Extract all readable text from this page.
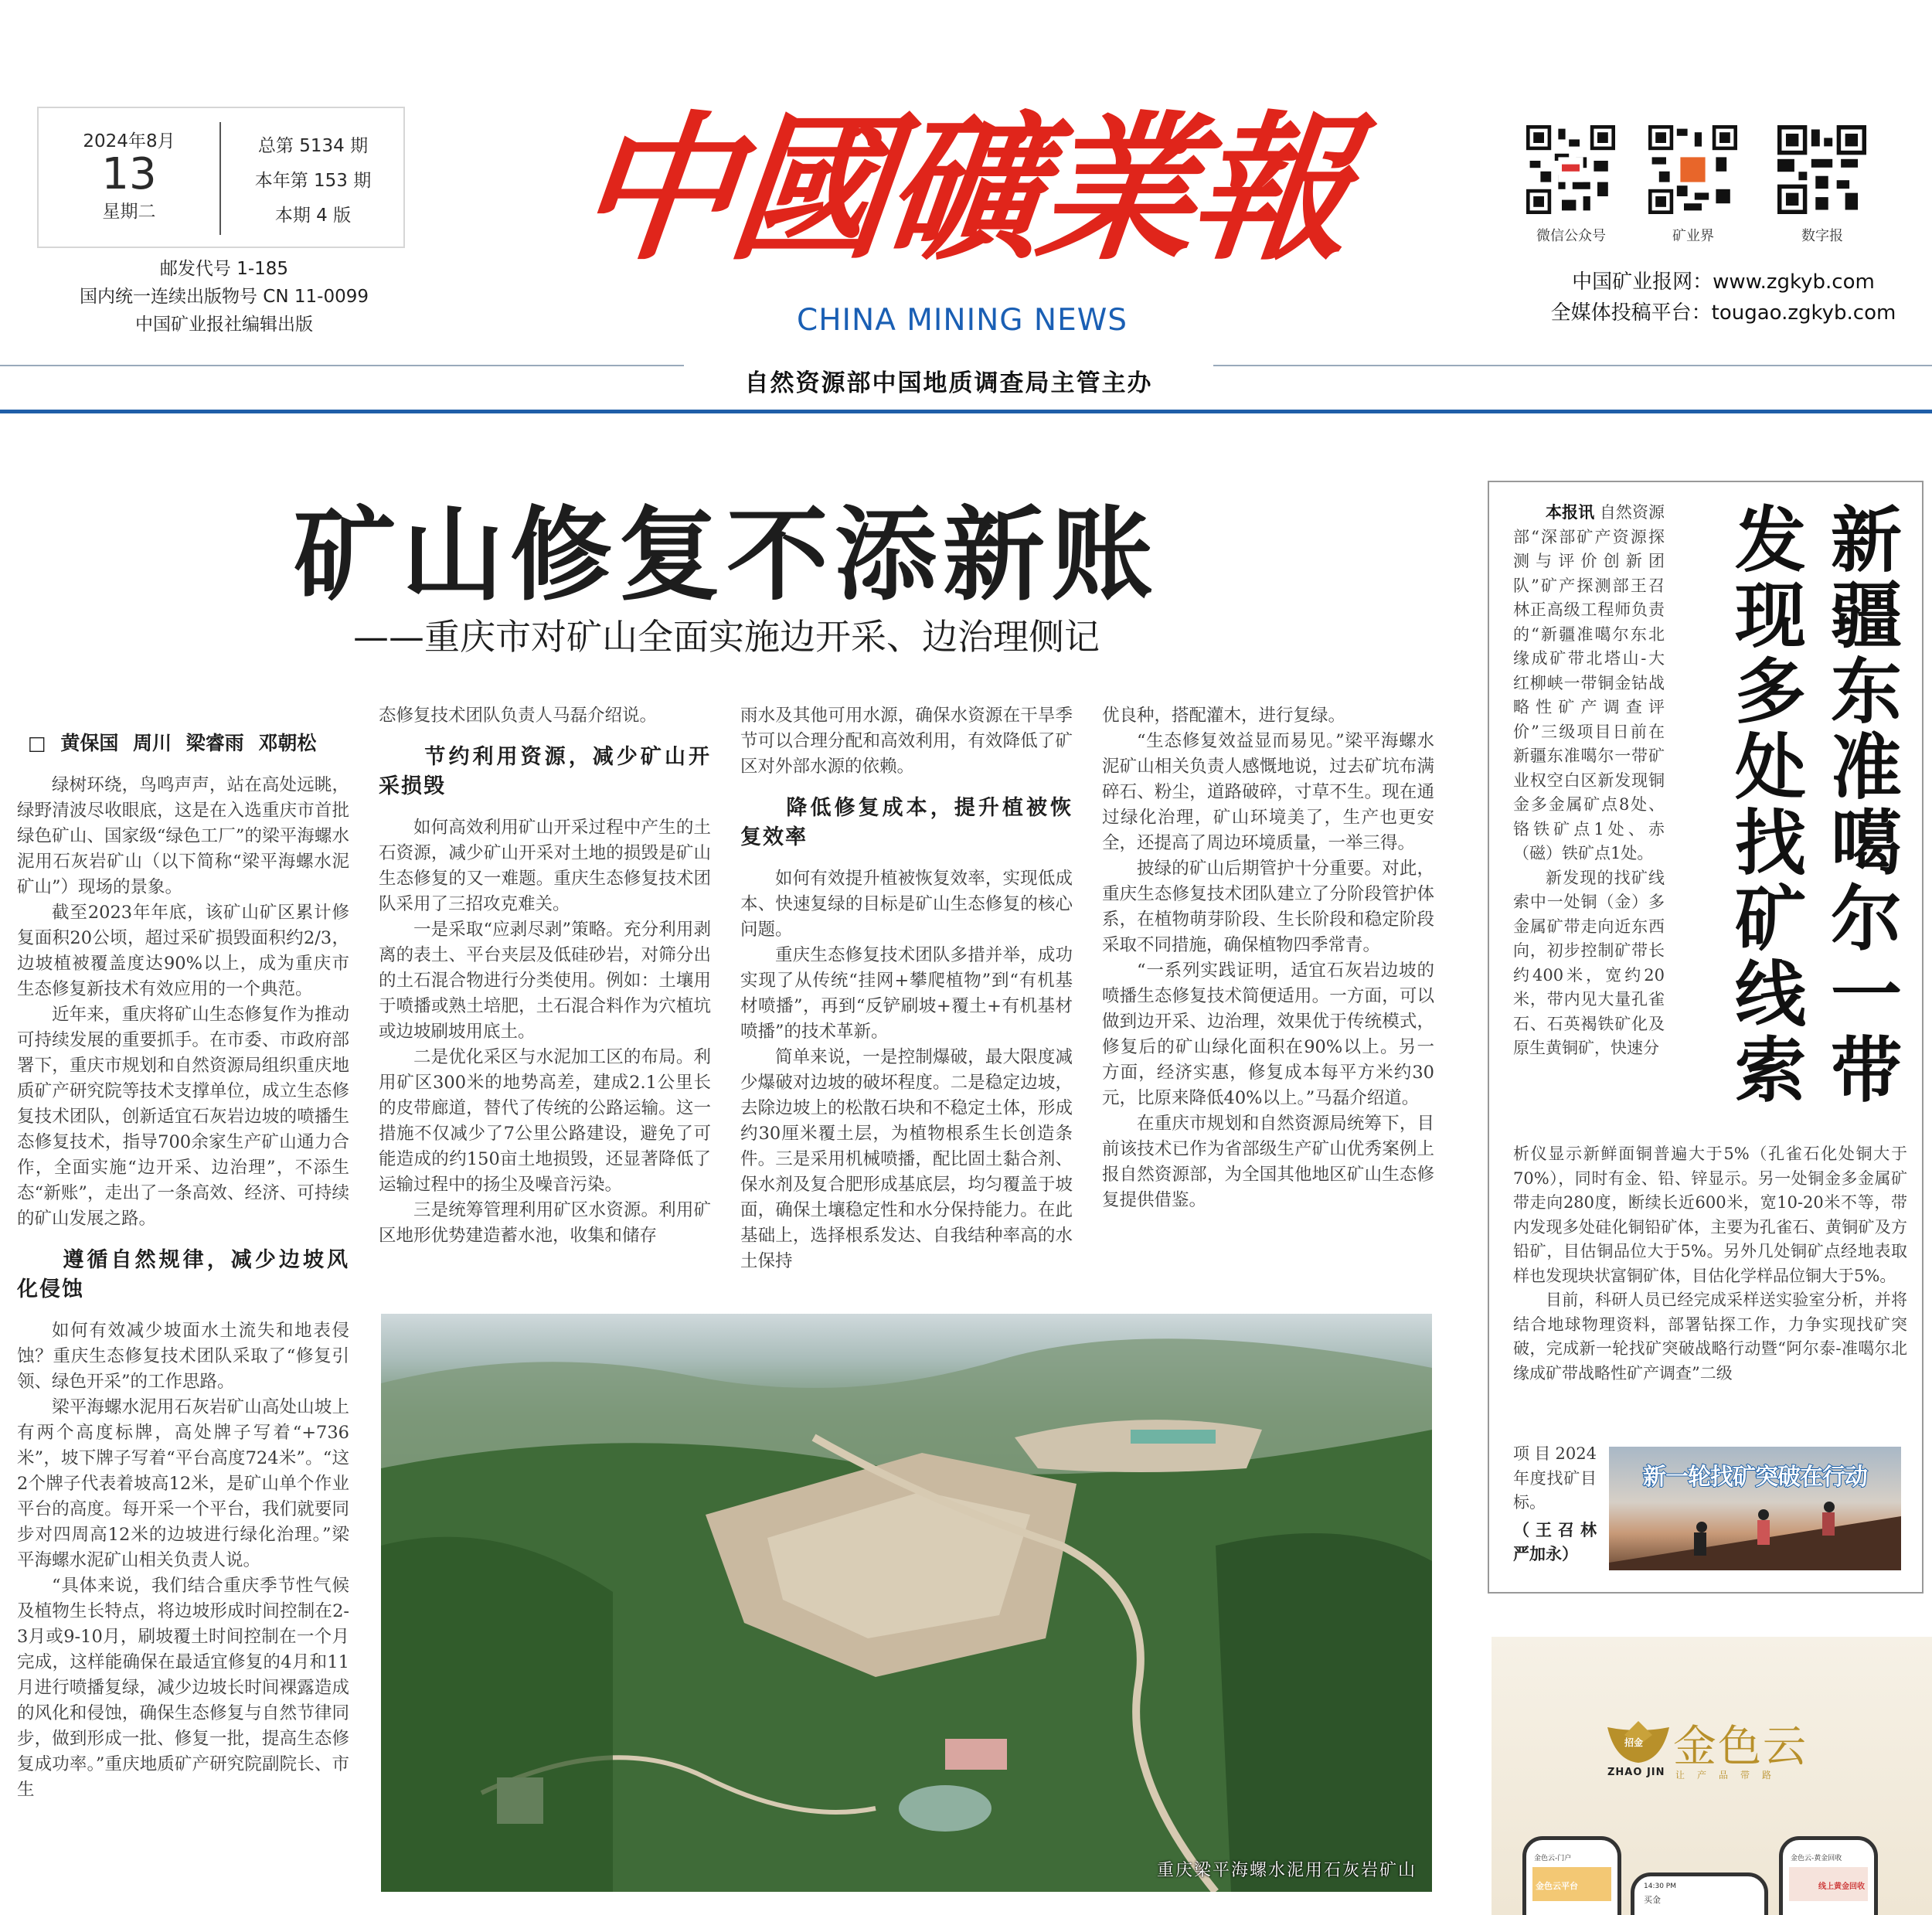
2024年8月
13
星期二
总第 5134 期
本年第 153 期
本期 4 版
邮发代号 1-185
国内统一连续出版物号 CN 11-0099
中国矿业报社编辑出版
中國礦業報
CHINA MINING NEWS
微信公众号	矿业界	数字报
中国矿业报网：www.zgkyb.com
全媒体投稿平台：tougao.zgkyb.com
自然资源部中国地质调查局主管主办
矿山修复不添新账
——重庆市对矿山全面实施边开采、边治理侧记
□ 黄保国 周川 梁睿雨 邓朝松

绿树环绕，鸟鸣声声，站在高处远眺，绿野清波尽收眼底，这是在入选重庆市首批绿色矿山、国家级“绿色工厂”的梁平海螺水泥用石灰岩矿山（以下简称“梁平海螺水泥矿山”）现场的景象。

截至2023年年底，该矿山矿区累计修复面积20公顷，超过采矿损毁面积约2/3，边坡植被覆盖度达90%以上，成为重庆市生态修复新技术有效应用的一个典范。

近年来，重庆将矿山生态修复作为推动可持续发展的重要抓手。在市委、市政府部署下，重庆市规划和自然资源局组织重庆地质矿产研究院等技术支撑单位，成立生态修复技术团队，创新适宜石灰岩边坡的喷播生态修复技术，指导700余家生产矿山通力合作，全面实施“边开采、边治理”，不添生态“新账”，走出了一条高效、经济、可持续的矿山发展之路。

遵循自然规律，减少边坡风化侵蚀

如何有效减少坡面水土流失和地表侵蚀？重庆生态修复技术团队采取了“修复引领、绿色开采”的工作思路。

梁平海螺水泥用石灰岩矿山高处山坡上有两个高度标牌，高处牌子写着“+736米”，坡下牌子写着“平台高度724米”。“这2个牌子代表着坡高12米，是矿山单个作业平台的高度。每开采一个平台，我们就要同步对四周高12米的边坡进行绿化治理。”梁平海螺水泥矿山相关负责人说。

“具体来说，我们结合重庆季节性气候及植物生长特点，将边坡形成时间控制在2-3月或9-10月，刷坡覆土时间控制在一个月完成，这样能确保在最适宜修复的4月和11月进行喷播复绿，减少边坡长时间裸露造成的风化和侵蚀，确保生态修复与自然节律同步，做到形成一批、修复一批，提高生态修复成功率。”重庆地质矿产研究院副院长、市生

态修复技术团队负责人马磊介绍说。

节约利用资源，减少矿山开采损毁

如何高效利用矿山开采过程中产生的土石资源，减少矿山开采对土地的损毁是矿山生态修复的又一难题。重庆生态修复技术团队采用了三招攻克难关。

一是采取“应剥尽剥”策略。充分利用剥离的表土、平台夹层及低硅砂岩，对筛分出的土石混合物进行分类使用。例如：土壤用于喷播或熟土培肥，土石混合料作为穴植坑或边坡刷坡用底土。

二是优化采区与水泥加工区的布局。利用矿区300米的地势高差，建成2.1公里长的皮带廊道，替代了传统的公路运输。这一措施不仅减少了7公里公路建设，避免了可能造成的约150亩土地损毁，还显著降低了运输过程中的扬尘及噪音污染。

三是统筹管理利用矿区水资源。利用矿区地形优势建造蓄水池，收集和储存

雨水及其他可用水源，确保水资源在干旱季节可以合理分配和高效利用，有效降低了矿区对外部水源的依赖。

降低修复成本，提升植被恢复效率

如何有效提升植被恢复效率，实现低成本、快速复绿的目标是矿山生态修复的核心问题。

重庆生态修复技术团队多措并举，成功实现了从传统“挂网+攀爬植物”到“有机基材喷播”，再到“反铲刷坡+覆土+有机基材喷播”的技术革新。

简单来说，一是控制爆破，最大限度减少爆破对边坡的破坏程度。二是稳定边坡，去除边坡上的松散石块和不稳定土体，形成约30厘米覆土层，为植物根系生长创造条件。三是采用机械喷播，配比固土黏合剂、保水剂及复合肥形成基底层，均匀覆盖于坡面，确保土壤稳定性和水分保持能力。在此基础上，选择根系发达、自我结种率高的水土保持

优良种，搭配灌木，进行复绿。

“生态修复效益显而易见。”梁平海螺水泥矿山相关负责人感慨地说，过去矿坑布满碎石、粉尘，道路破碎，寸草不生。现在通过绿化治理，矿山环境美了，生产也更安全，还提高了周边环境质量，一举三得。

披绿的矿山后期管护十分重要。对此，重庆生态修复技术团队建立了分阶段管护体系，在植物萌芽阶段、生长阶段和稳定阶段采取不同措施，确保植物四季常青。

“一系列实践证明，适宜石灰岩边坡的喷播生态修复技术简便适用。一方面，可以做到边开采、边治理，效果优于传统模式，修复后的矿山绿化面积在90%以上。另一方面，经济实惠，修复成本每平方米约30元，比原来降低40%以上。”马磊介绍道。

在重庆市规划和自然资源局统筹下，目前该技术已作为省部级生产矿山优秀案例上报自然资源部，为全国其他地区矿山生态修复提供借鉴。

重庆梁平海螺水泥用石灰岩矿山
新疆东准噶尔一带
发现多处找矿线索

本报讯 自然资源部“深部矿产资源探测与评价创新团队”矿产探测部王召林正高级工程师负责的“新疆准噶尔东北缘成矿带北塔山-大红柳峡一带铜金钴战略性矿产调查评价”三级项目日前在新疆东准噶尔一带矿业权空白区新发现铜金多金属矿点8处、铬铁矿点1处、赤（磁）铁矿点1处。

新发现的找矿线索中一处铜（金）多金属矿带走向近东西向，初步控制矿带长约400米，宽约20米，带内见大量孔雀石、石英褐铁矿化及原生黄铜矿，快速分

析仪显示新鲜面铜普遍大于5%（孔雀石化处铜大于70%），同时有金、铅、锌显示。另一处铜金多金属矿带走向280度，断续长近600米，宽10-20米不等，带内发现多处硅化铜铅矿体，主要为孔雀石、黄铜矿及方铅矿，目估铜品位大于5%。另外几处铜矿点经地表取样也发现块状富铜矿体，目估化学样品位铜大于5%。

目前，科研人员已经完成采样送实验室分析，并将结合地球物理资料，部署钻探工作，力争实现找矿突破，完成新一轮找矿突破战略行动暨“阿尔泰-准噶尔北缘成矿带战略性矿产调查”二级

项目2024年度找矿目标。

（王召林 严加永）

新一轮找矿突破在行动
招金
ZHAO JIN
金色云
让产品带路
金色云-门户
金色云平台	14:30 PM
买金
金色云-黄金回收
线上黄金回收
